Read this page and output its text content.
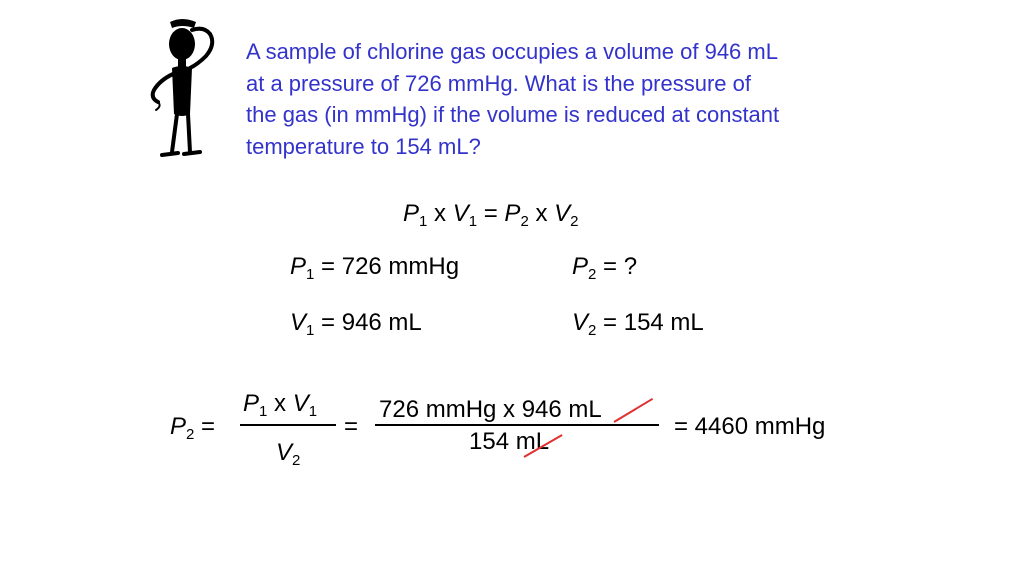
A sample of chlorine gas occupies a volume of 946 mL
at a pressure of 726 mmHg. What is the pressure of
the gas (in mmHg) if the volume is reduced at constant
temperature to 154 mL?
$P_1$ x $V_1 = P_2$ x $V_2$
$P_1 = 726$ mmHg	$P_2$ = ?
$V_1 = 946$ mL	$V_2 = 154$ mL
$P_2$ =
$P_1$ x $V_1$
$V_2$
=
726 mmHg x 946 mL
154 mL
= 4460 mmHg
